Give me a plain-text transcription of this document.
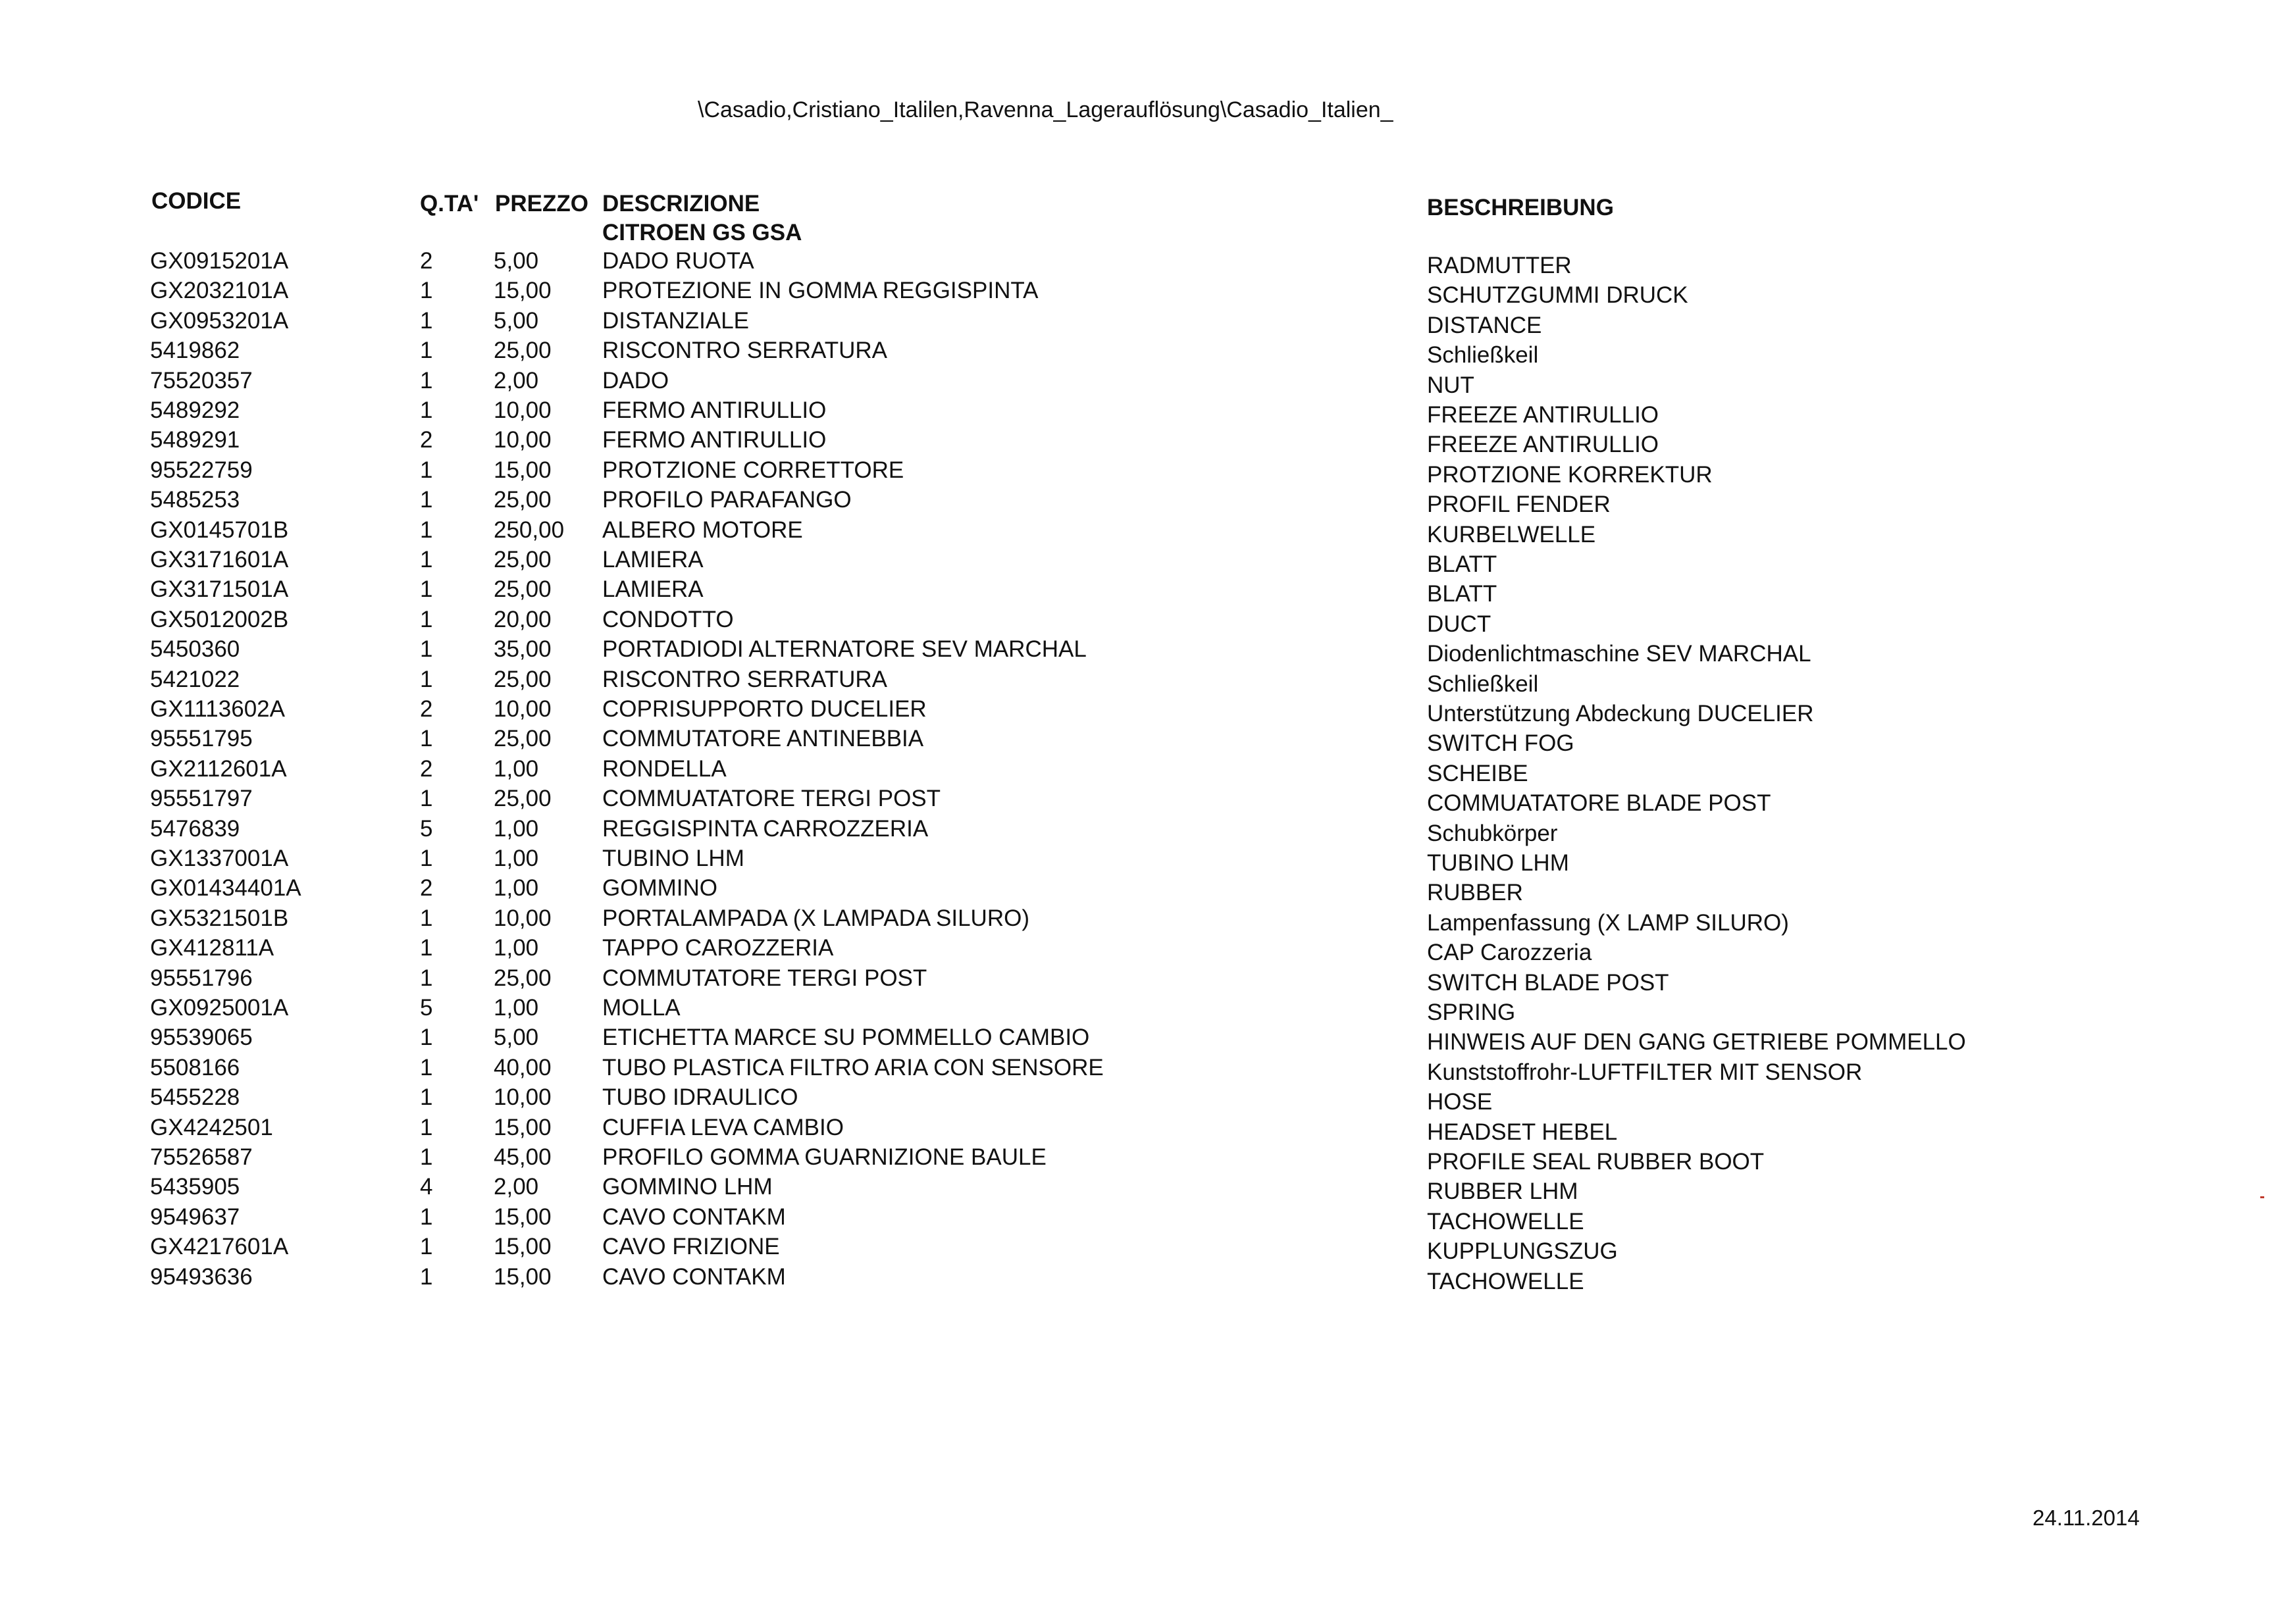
\Casadio,Cristiano_Italilen,Ravenna_Lagerauflösung\Casadio_Italien_
CODICE	Q.TA' PREZZO DESCRIZIONE	BESCHREIBUNG
CITROEN GS GSA
GX0915201A	2	5,00	DADO RUOTA	RADMUTTER
GX2032101A	1	15,00 PROTEZIONE IN GOMMA REGGISPINTA	SCHUTZGUMMI DRUCK
GX0953201A	1	5,00	DISTANZIALE	DISTANCE
5419862	1	25,00 RISCONTRO SERRATURA	Schließkeil
75520357	1	2,00	DADO	NUT
5489292	1	10,00 FERMO ANTIRULLIO	FREEZE ANTIRULLIO
5489291	2	10,00 FERMO ANTIRULLIO	FREEZE ANTIRULLIO
95522759	1	15,00 PROTZIONE CORRETTORE	PROTZIONE KORREKTUR
5485253	1	25,00 PROFILO PARAFANGO	PROFIL FENDER
GX0145701B	1	250,00 ALBERO MOTORE	KURBELWELLE
GX3171601A	1	25,00 LAMIERA	BLATT
GX3171501A	1	25,00 LAMIERA	BLATT
GX5012002B	1	20,00 CONDOTTO	DUCT
5450360	1	35,00 PORTADIODI ALTERNATORE SEV MARCHAL	Diodenlichtmaschine SEV MARCHAL
5421022	1	25,00 RISCONTRO SERRATURA	Schließkeil
GX1113602A	2	10,00 COPRISUPPORTO DUCELIER	Unterstützung Abdeckung DUCELIER
95551795	1	25,00 COMMUTATORE ANTINEBBIA	SWITCH FOG
GX2112601A	2	1,00	RONDELLA	SCHEIBE
95551797	1	25,00 COMMUATATORE TERGI POST	COMMUATATORE BLADE POST
5476839	5	1,00	REGGISPINTA CARROZZERIA	Schubkörper
GX1337001A	1	1,00	TUBINO LHM	TUBINO LHM
GX01434401A	2	1,00	GOMMINO	RUBBER
GX5321501B	1	10,00 PORTALAMPADA (X LAMPADA SILURO)	Lampenfassung (X LAMP SILURO)
GX412811A	1	1,00	TAPPO CAROZZERIA	CAP Carozzeria
95551796	1	25,00 COMMUTATORE TERGI POST	SWITCH BLADE POST
GX0925001A	5	1,00	MOLLA	SPRING
95539065	1	5,00	ETICHETTA MARCE SU POMMELLO CAMBIO	HINWEIS AUF DEN GANG GETRIEBE POMMELLO
5508166	1	40,00 TUBO PLASTICA FILTRO ARIA CON SENSORE	Kunststoffrohr-LUFTFILTER MIT SENSOR
5455228	1	10,00 TUBO IDRAULICO	HOSE
GX4242501	1	15,00 CUFFIA LEVA CAMBIO	HEADSET HEBEL
75526587	1	45,00 PROFILO GOMMA GUARNIZIONE BAULE	PROFILE SEAL RUBBER BOOT
5435905	4	2,00	GOMMINO LHM	RUBBER LHM
9549637	1	15,00 CAVO CONTAKM	TACHOWELLE
GX4217601A	1	15,00 CAVO FRIZIONE	KUPPLUNGSZUG
95493636	1	15,00 CAVO CONTAKM	TACHOWELLE
24.11.2014
